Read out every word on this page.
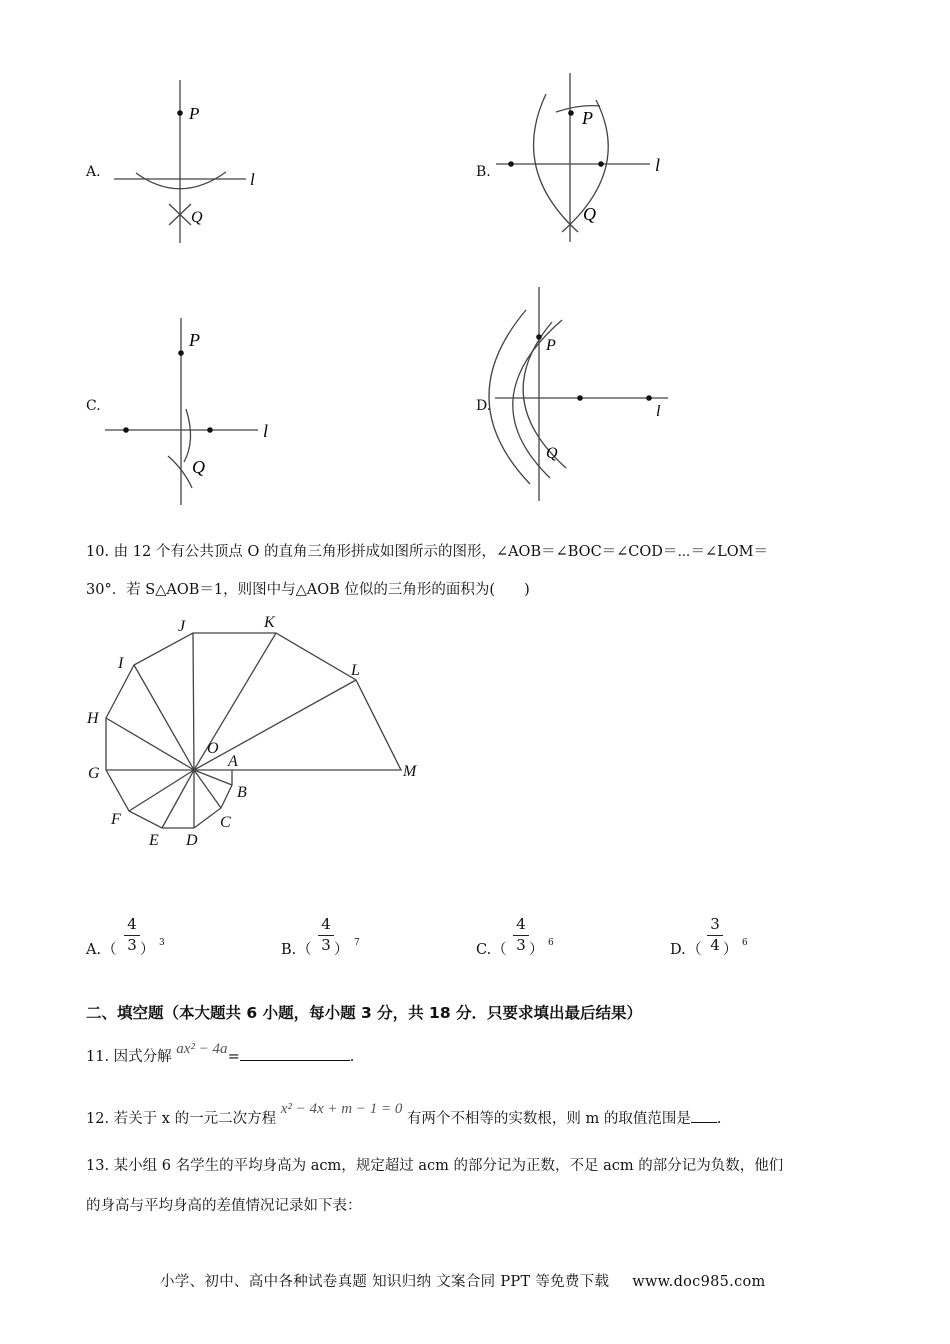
A.	B.
C.	D.
P
l
Q
P
l
Q
P
l
Q
P
l
Q
10. 由 12 个有公共顶点 O 的直角三角形拼成如图所示的图形，∠AOB＝∠BOC＝∠COD＝⋯＝∠LOM＝
30°．若 S△AOB＝1，则图中与△AOB 位似的三角形的面积为(　　)
J	K
I	L
H
O
G
A
M
B
F	C
E D
A. （
4
3 ） 3	B. （
4
3 ） 7	C. （
4
3 ） 6	D. （
3
4 ） 6
二、填空题（本大题共 6 小题，每小题 3 分，共 18 分．只要求填出最后结果）
11. 因式分解 ax² − 4a=	.
12. 若关于 x 的一元二次方程 x² − 4x + m − 1 = 0 有两个不相等的实数根，则 m 的取值范围是 .
13. 某小组 6 名学生的平均身高为 acm，规定超过 acm 的部分记为正数，不足 acm 的部分记为负数，他们
的身高与平均身高的差值情况记录如下表：
小学、初中、高中各种试卷真题 知识归纳 文案合同 PPT 等免费下载 www.doc985.com
